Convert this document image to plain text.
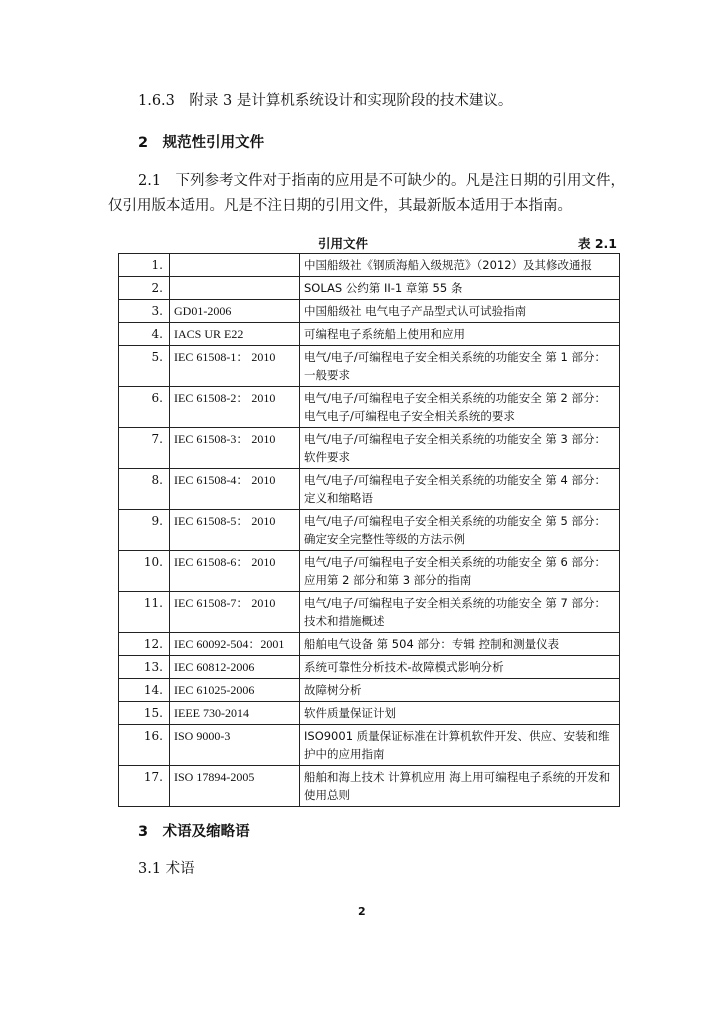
1.6.3　附录 3 是计算机系统设计和实现阶段的技术建议。
2　规范性引用文件
2.1　下列参考文件对于指南的应用是不可缺少的。凡是注日期的引用文件，
仅引用版本适用。凡是不注日期的引用文件，其最新版本适用于本指南。
引用文件	表 2.1
1.		中国船级社《钢质海船入级规范》（2012）及其修改通报
2.		SOLAS 公约第 II-1 章第 55 条
3.	GD01-2006	中国船级社 电气电子产品型式认可试验指南
4.	IACS UR E22	可编程电子系统船上使用和应用
5.	IEC 61508-1： 2010	电气/电子/可编程电子安全相关系统的功能安全 第 1 部分：一般要求
6.	IEC 61508-2： 2010	电气/电子/可编程电子安全相关系统的功能安全 第 2 部分：电气电子/可编程电子安全相关系统的要求
7.	IEC 61508-3： 2010	电气/电子/可编程电子安全相关系统的功能安全 第 3 部分：软件要求
8.	IEC 61508-4： 2010	电气/电子/可编程电子安全相关系统的功能安全 第 4 部分：定义和缩略语
9.	IEC 61508-5： 2010	电气/电子/可编程电子安全相关系统的功能安全 第 5 部分：确定安全完整性等级的方法示例
10.	IEC 61508-6： 2010	电气/电子/可编程电子安全相关系统的功能安全 第 6 部分：应用第 2 部分和第 3 部分的指南
11.	IEC 61508-7： 2010	电气/电子/可编程电子安全相关系统的功能安全 第 7 部分：技术和措施概述
12.	IEC 60092-504：2001	船舶电气设备 第 504 部分：专辑 控制和测量仪表
13.	IEC 60812-2006	系统可靠性分析技术-故障模式影响分析
14.	IEC 61025-2006	故障树分析
15.	IEEE 730-2014	软件质量保证计划
16.	ISO 9000-3	ISO9001 质量保证标准在计算机软件开发、供应、安装和维护中的应用指南
17.	ISO 17894-2005	船舶和海上技术 计算机应用 海上用可编程电子系统的开发和使用总则
3　术语及缩略语
3.1 术语
2
